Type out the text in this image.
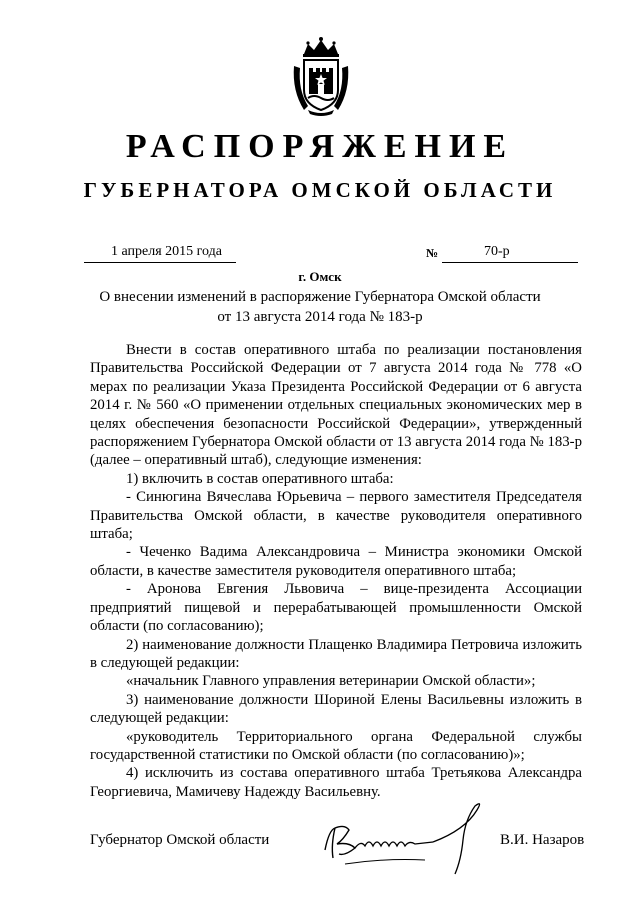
РАСПОРЯЖЕНИЕ
ГУБЕРНАТОРА ОМСКОЙ ОБЛАСТИ
1 апреля 2015 года	№	70-р
г. Омск
О внесении изменений в распоряжение Губернатора Омской области
от 13 августа 2014 года № 183-р

Внести в состав оперативного штаба по реализации постановления Правительства Российской Федерации от 7 августа 2014 года № 778 «О мерах по реализации Указа Президента Российской Федерации от 6 августа 2014 г. № 560 «О применении отдельных специальных экономических мер в целях обеспечения безопасности Российской Федерации», утвержденный распоряжением Губернатора Омской области от 13 августа 2014 года № 183-р (далее – оперативный штаб), следующие изменения:

1) включить в состав оперативного штаба:

- Синюгина Вячеслава Юрьевича – первого заместителя Председателя Правительства Омской области, в качестве руководителя оперативного штаба;

- Чеченко Вадима Александровича – Министра экономики Омской области, в качестве заместителя руководителя оперативного штаба;

- Аронова Евгения Львовича – вице-президента Ассоциации предприятий пищевой и перерабатывающей промышленности Омской области (по согласованию);

2) наименование должности Плащенко Владимира Петровича изложить в следующей редакции:

«начальник Главного управления ветеринарии Омской области»;

3) наименование должности Шориной Елены Васильевны изложить в следующей редакции:

«руководитель Территориального органа Федеральной службы государственной статистики по Омской области (по согласованию)»;

4) исключить из состава оперативного штаба Третьякова Александра Георгиевича, Мамичеву Надежду Васильевну.

Губернатор Омской области	В.И. Назаров
